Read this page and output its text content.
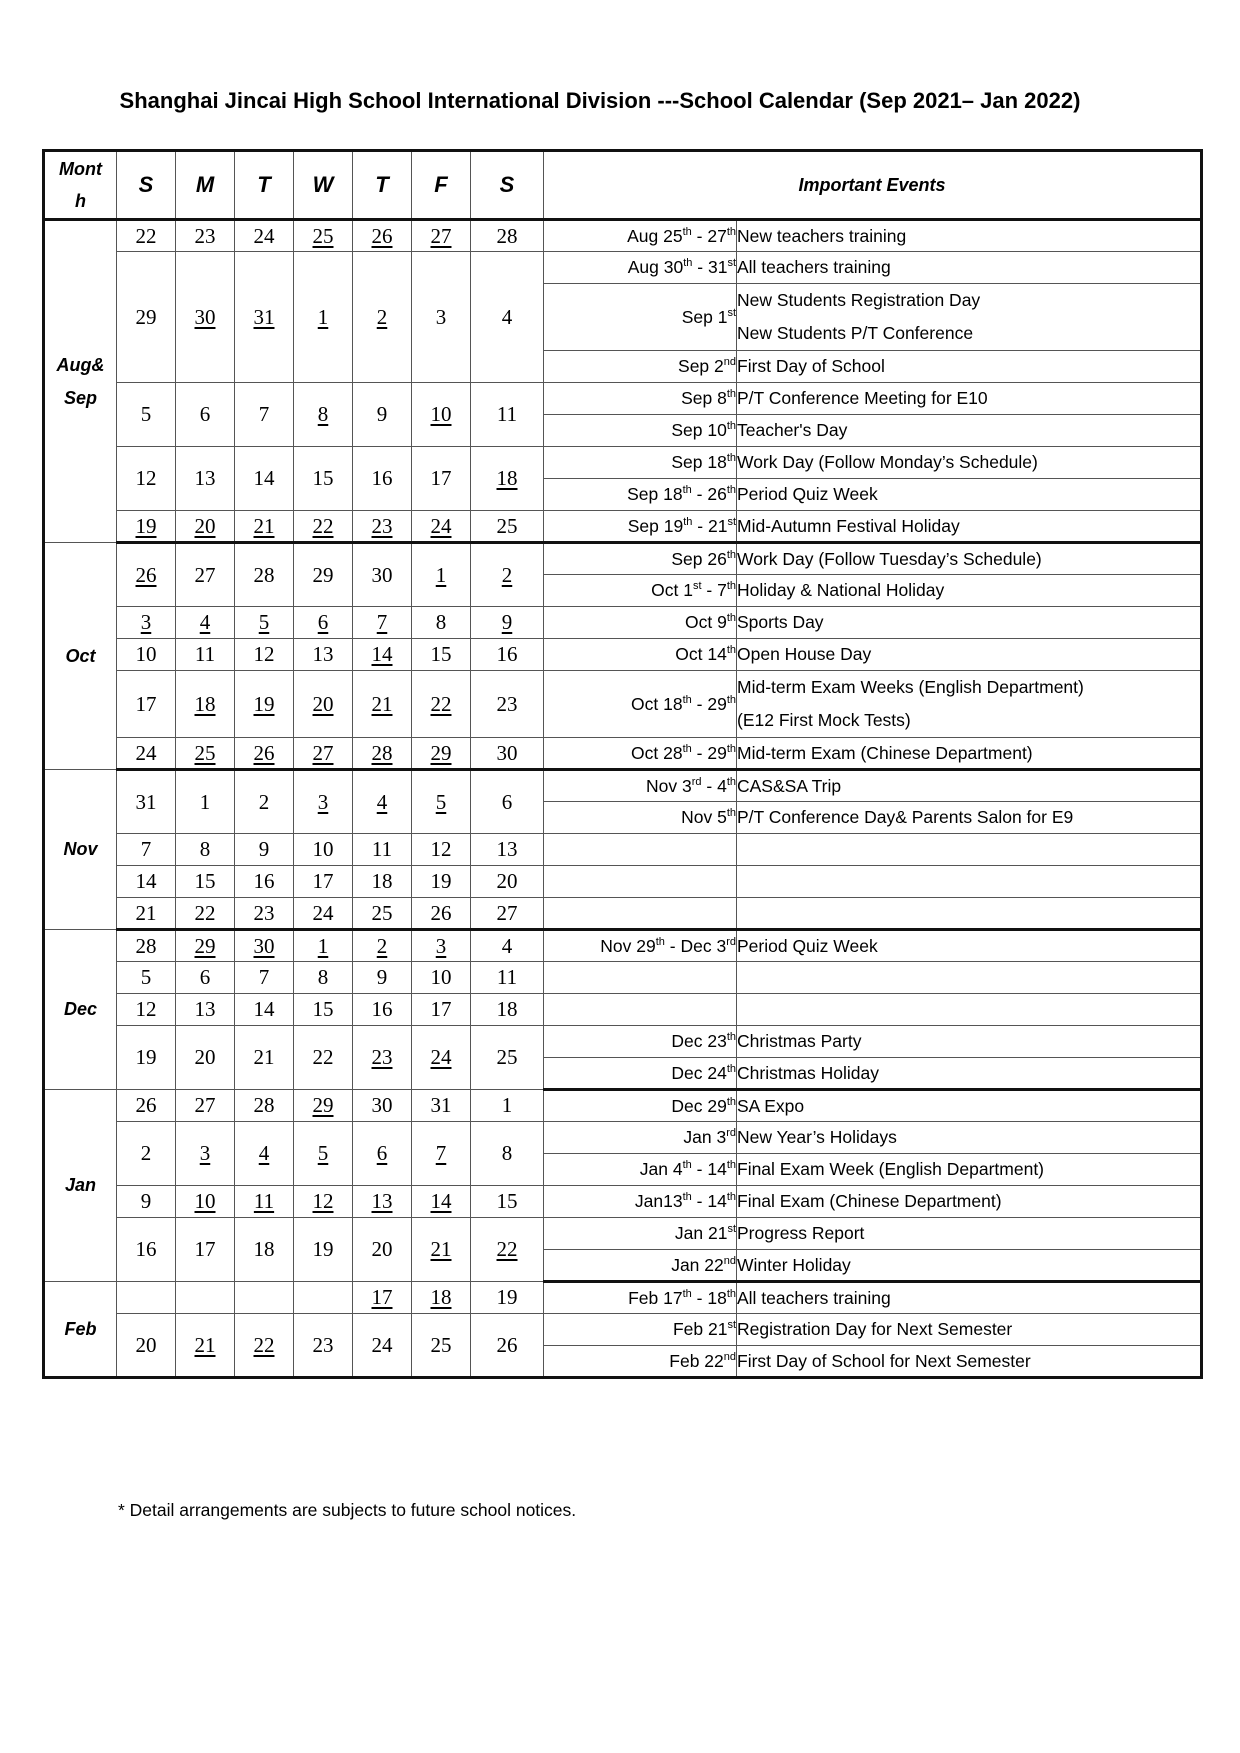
Shanghai Jincai High School International Division ---School Calendar (Sep 2021– Jan 2022)
Mont
h	S	M	T	W	T	F	S	Important Events	
Aug&
Sep	22	23	24	25	26	27	28	Aug 25th - 27th	New teachers training
	29	30	31	1	2	3	4	Aug 30th - 31st	All teachers training
								Sep 1st	New Students Registration Day
New Students P/T Conference

								Sep 2nd	First Day of School
	5	6	7	8	9	10	11	Sep 8th	P/T Conference Meeting for E10
								Sep 10th	Teacher's Day
	12	13	14	15	16	17	18	Sep 18th	Work Day (Follow Monday’s Schedule)
								Sep 18th - 26th	Period Quiz Week
	19	20	21	22	23	24	25	Sep 19th - 21st	Mid-Autumn Festival Holiday
Oct	26	27	28	29	30	1	2	Sep 26th	Work Day (Follow Tuesday’s Schedule)
								Oct 1st - 7th	Holiday & National Holiday
	3	4	5	6	7	8	9	Oct 9th	Sports Day
	10	11	12	13	14	15	16	Oct 14th	Open House Day
	17	18	19	20	21	22	23	Oct 18th - 29th	Mid-term Exam Weeks (English Department)
(E12 First Mock Tests)

	24	25	26	27	28	29	30	Oct 28th - 29th	Mid-term Exam (Chinese Department)
Nov	31	1	2	3	4	5	6	Nov 3rd - 4th	CAS&SA Trip
								Nov 5th	P/T Conference Day& Parents Salon for E9
	7	8	9	10	11	12	13		
	14	15	16	17	18	19	20		
	21	22	23	24	25	26	27		
Dec	28	29	30	1	2	3	4	Nov 29th - Dec 3rd	Period Quiz Week
	5	6	7	8	9	10	11		
	12	13	14	15	16	17	18		
	19	20	21	22	23	24	25	Dec 23th	Christmas Party
								Dec 24th	Christmas Holiday
Jan	26	27	28	29	30	31	1	Dec 29th	SA Expo
	2	3	4	5	6	7	8	Jan 3rd	New Year’s Holidays
								Jan 4th - 14th	Final Exam Week (English Department)
	9	10	11	12	13	14	15	Jan13th - 14th	Final Exam (Chinese Department)
	16	17	18	19	20	21	22	Jan 21st	Progress Report
								Jan 22nd	Winter Holiday
Feb					17	18	19	Feb 17th - 18th	All teachers training
	20	21	22	23	24	25	26	Feb 21st	Registration Day for Next Semester
								Feb 22nd	First Day of School for Next Semester
* Detail arrangements are subjects to future school notices.
